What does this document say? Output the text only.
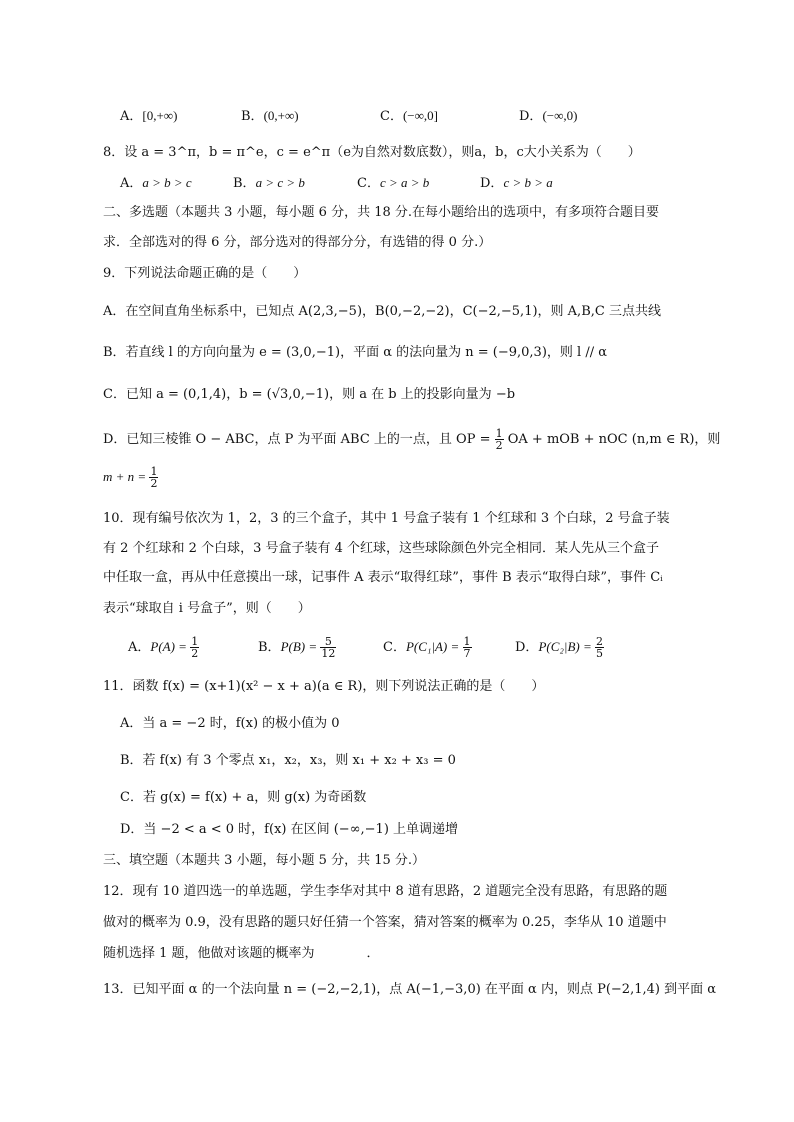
A．[0,+∞)	B．(0,+∞)	C．(−∞,0]	D．(−∞,0)
8．设 a = 3^π，b = π^e，c = e^π（e为自然对数底数），则a，b，c大小关系为（　　）
A．a > b > c	B．a > c > b	C．c > a > b	D．c > b > a
二、多选题（本题共 3 小题，每小题 6 分，共 18 分.在每小题给出的选项中，有多项符合题目要
求．全部选对的得 6 分，部分选对的得部分分，有选错的得 0 分.）
9．下列说法命题正确的是（　　）
A．在空间直角坐标系中，已知点 A(2,3,−5)，B(0,−2,−2)，C(−2,−5,1)，则 A,B,C 三点共线
B．若直线 l 的方向向量为 e = (3,0,−1)，平面 α 的法向量为 n = (−9,0,3)，则 l // α
C．已知 a = (0,1,4)，b = (√3,0,−1)，则 a 在 b 上的投影向量为 −b
D．已知三棱锥 O − ABC，点 P 为平面 ABC 上的一点，且 OP = $\frac{1}{2}$ OA + mOB + nOC (n,m ∈ R)，则
$m + n = \frac{1}{2}$
10．现有编号依次为 1，2，3 的三个盒子，其中 1 号盒子装有 1 个红球和 3 个白球，2 号盒子装
有 2 个红球和 2 个白球，3 号盒子装有 4 个红球，这些球除颜色外完全相同．某人先从三个盒子
中任取一盒，再从中任意摸出一球，记事件 A 表示“取得红球”，事件 B 表示“取得白球”，事件 Cᵢ
表示“球取自 i 号盒子”，则（　　）
A．$P(A) = \frac{1}{2}$	B．$P(B) = \frac{5}{12}$	C．$P(C_1|A) = \frac{1}{7}$	D．$P(C_2|B) = \frac{2}{5}$
11．函数 f(x) = (x+1)(x² − x + a)(a ∈ R)，则下列说法正确的是（　　）
A．当 a = −2 时，f(x) 的极小值为 0
B．若 f(x) 有 3 个零点 x₁，x₂，x₃，则 x₁ + x₂ + x₃ = 0
C．若 g(x) = f(x) + a，则 g(x) 为奇函数
D．当 −2 < a < 0 时，f(x) 在区间 (−∞,−1) 上单调递增
三、填空题（本题共 3 小题，每小题 5 分，共 15 分.）
12．现有 10 道四选一的单选题，学生李华对其中 8 道有思路，2 道题完全没有思路，有思路的题
做对的概率为 0.9，没有思路的题只好任猜一个答案，猜对答案的概率为 0.25，李华从 10 道题中
随机选择 1 题，他做对该题的概率为	．
13．已知平面 α 的一个法向量 n = (−2,−2,1)，点 A(−1,−3,0) 在平面 α 内，则点 P(−2,1,4) 到平面 α
